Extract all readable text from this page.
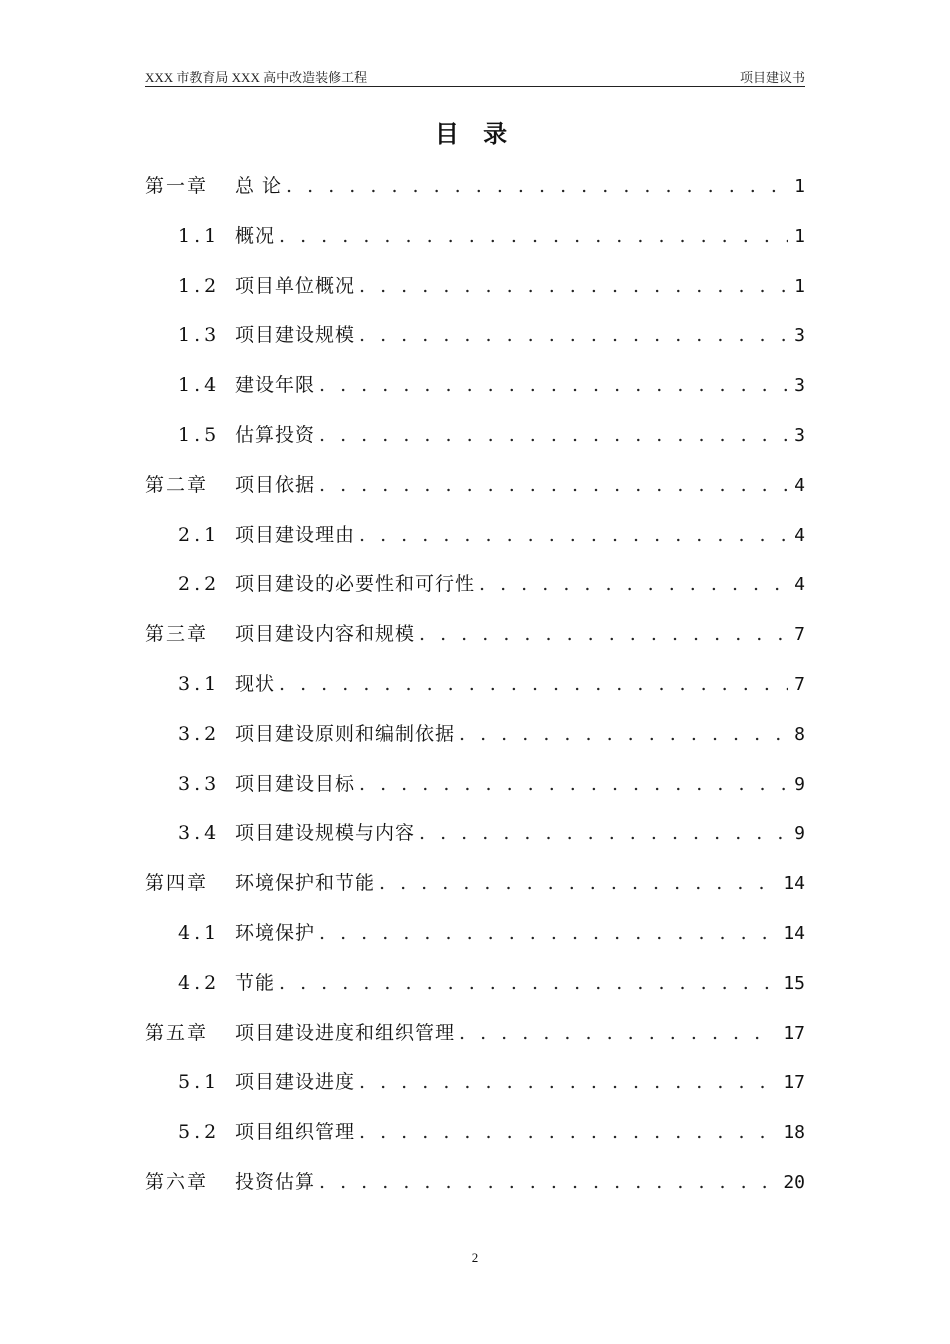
XXX 市教育局 XXX 高中改造装修工程	项目建议书
目 录
第一章	总 论 . . .	1
1.1 概况 . . .	1
1.2 项目单位概况 . . .	1
1.3 项目建设规模 . . .	3
1.4 建设年限 . . .	3
1.5 估算投资 . . .	3
第二章	项目依据 . . .	4
2.1 项目建设理由 . . .	4
2.2 项目建设的必要性和可行性 . . .	4
第三章	项目建设内容和规模 . . .	7
3.1 现状 . . .	7
3.2 项目建设原则和编制依据 . . .	8
3.3 项目建设目标 . . .	9
3.4 项目建设规模与内容 . . .	9
第四章	环境保护和节能 . . .	14
4.1 环境保护 . . .	14
4.2 节能 . . .	15
第五章	项目建设进度和组织管理 . . .	17
5.1 项目建设进度 . . .	17
5.2 项目组织管理 . . .	18
第六章	投资估算 . . .	20
2
